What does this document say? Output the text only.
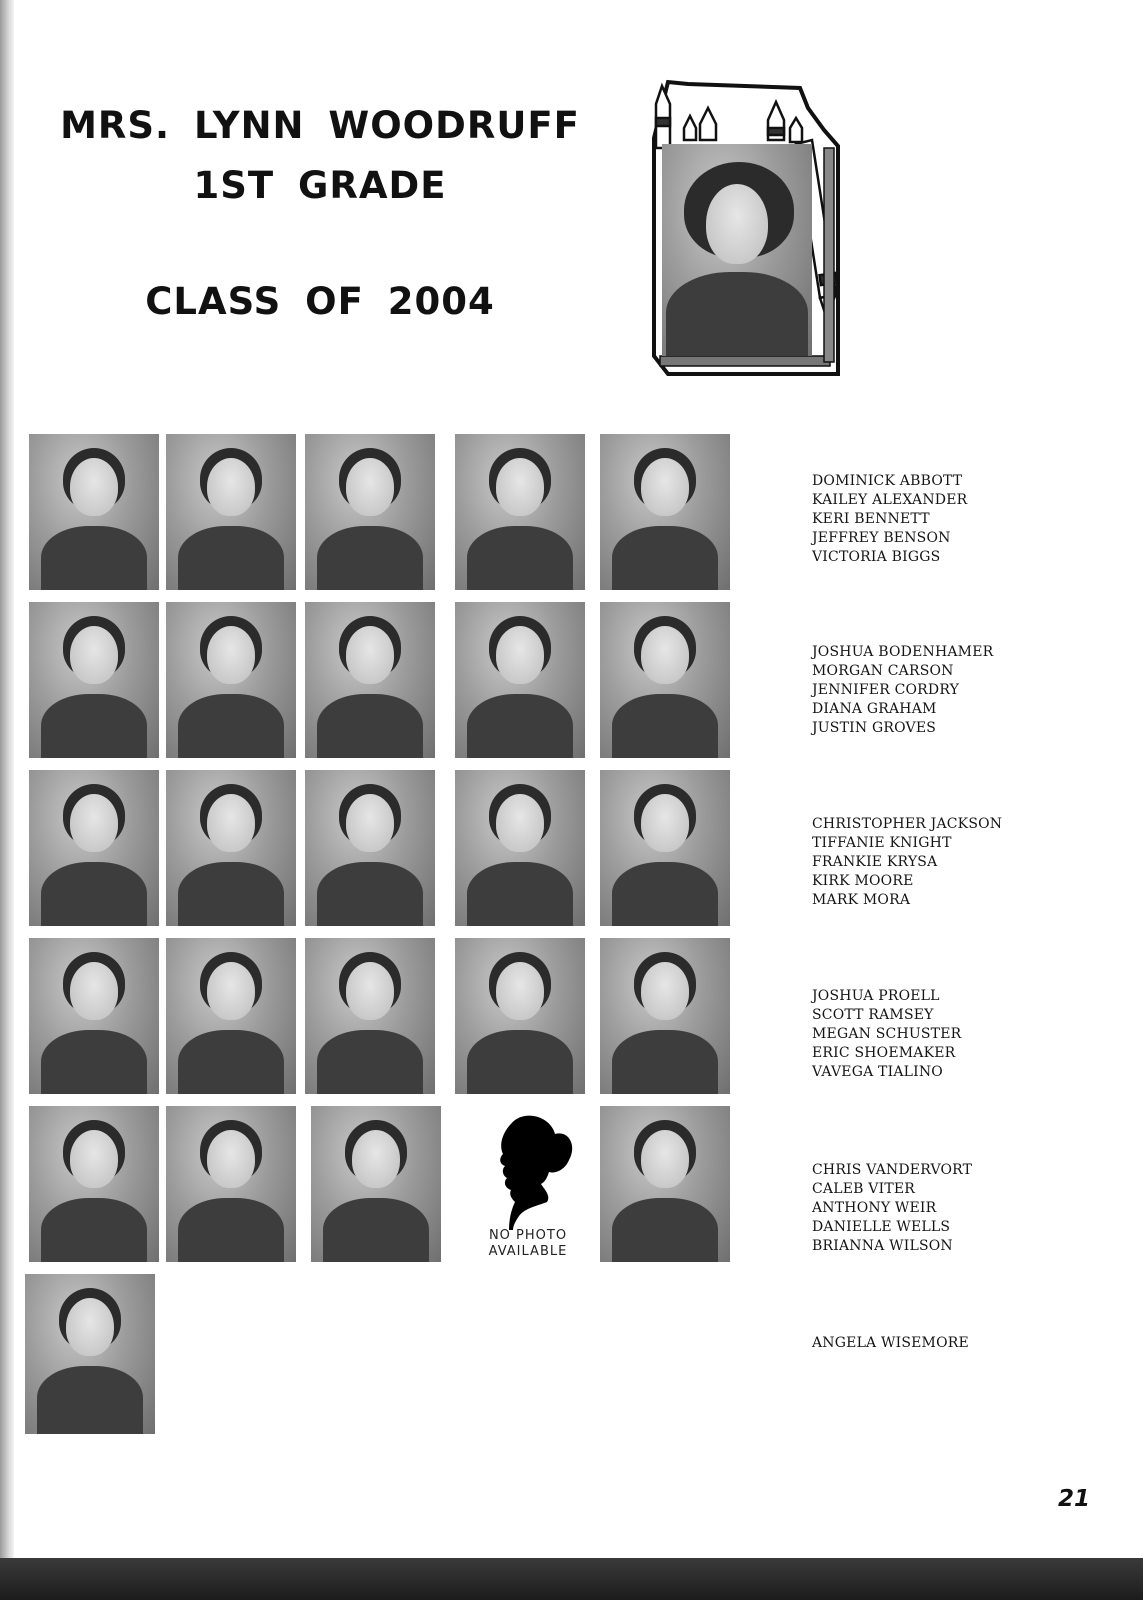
MRS. LYNN WOODRUFF
1ST GRADE
CLASS OF 2004
NO PHOTO
AVAILABLE
DOMINICK ABBOTT
KAILEY ALEXANDER
KERI BENNETT
JEFFREY BENSON
VICTORIA BIGGS
JOSHUA BODENHAMER
MORGAN CARSON
JENNIFER CORDRY
DIANA GRAHAM
JUSTIN GROVES
CHRISTOPHER JACKSON
TIFFANIE KNIGHT
FRANKIE KRYSA
KIRK MOORE
MARK MORA
JOSHUA PROELL
SCOTT RAMSEY
MEGAN SCHUSTER
ERIC SHOEMAKER
VAVEGA TIALINO
CHRIS VANDERVORT
CALEB VITER
ANTHONY WEIR
DANIELLE WELLS
BRIANNA WILSON
ANGELA WISEMORE
21
